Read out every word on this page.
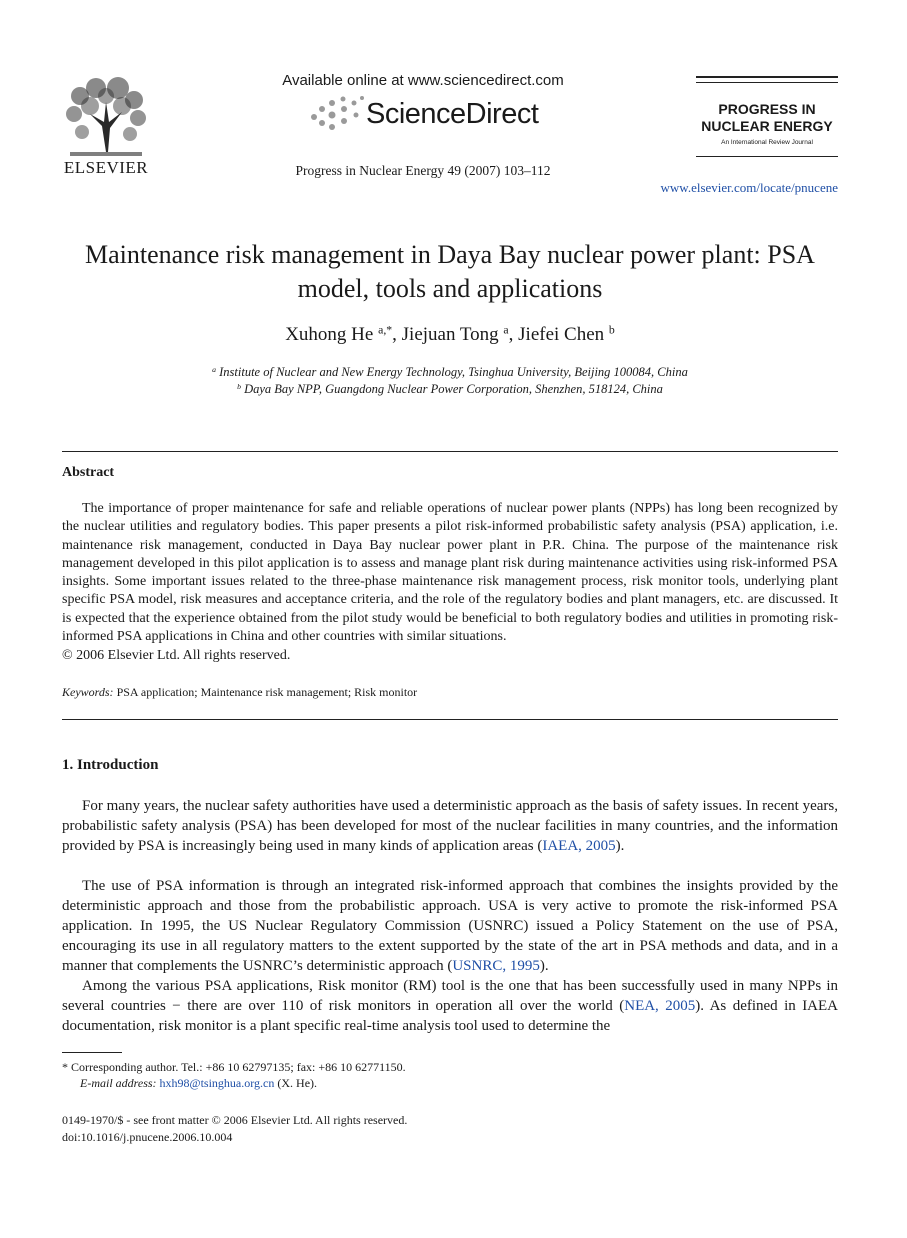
ELSEVIER
Available online at www.sciencedirect.com
ScienceDirect
Progress in Nuclear Energy 49 (2007) 103–112
PROGRESS IN NUCLEAR ENERGY
An International Review Journal
www.elsevier.com/locate/pnucene
Maintenance risk management in Daya Bay nuclear power plant: PSA model, tools and applications
Xuhong He $^{a,*}$, Jiejuan Tong $^a$, Jiefei Chen $^b$
$^a$ Institute of Nuclear and New Energy Technology, Tsinghua University, Beijing 100084, China
$^b$ Daya Bay NPP, Guangdong Nuclear Power Corporation, Shenzhen, 518124, China
Abstract
The importance of proper maintenance for safe and reliable operations of nuclear power plants (NPPs) has long been recognized by the nuclear utilities and regulatory bodies. This paper presents a pilot risk-informed probabilistic safety analysis (PSA) application, i.e. maintenance risk management, conducted in Daya Bay nuclear power plant in P.R. China. The purpose of the maintenance risk management developed in this pilot application is to assess and manage plant risk during maintenance activities using risk-informed PSA insights. Some important issues related to the three-phase maintenance risk management process, risk monitor tools, underlying plant specific PSA model, risk measures and acceptance criteria, and the role of the regulatory bodies and plant managers, etc. are discussed. It is expected that the experience obtained from the pilot study would be beneficial to both regulatory bodies and utilities in promoting risk-informed PSA applications in China and other countries with similar situations.
© 2006 Elsevier Ltd. All rights reserved.
Keywords: PSA application; Maintenance risk management; Risk monitor
1. Introduction
For many years, the nuclear safety authorities have used a deterministic approach as the basis of safety issues. In recent years, probabilistic safety analysis (PSA) has been developed for most of the nuclear facilities in many countries, and the information provided by PSA is increasingly being used in many kinds of application areas (IAEA, 2005).
The use of PSA information is through an integrated risk-informed approach that combines the insights provided by the deterministic approach and those from the probabilistic approach. USA is very active to promote the risk-informed PSA application. In 1995, the US Nuclear Regulatory Commission (USNRC) issued a Policy Statement on the use of PSA, encouraging its use in all regulatory matters to the extent supported by the state of the art in PSA methods and data, and in a manner that complements the USNRC’s deterministic approach (USNRC, 1995).
Among the various PSA applications, Risk monitor (RM) tool is the one that has been successfully used in many NPPs in several countries − there are over 110 of risk monitors in operation all over the world (NEA, 2005). As defined in IAEA documentation, risk monitor is a plant specific real-time analysis tool used to determine the
* Corresponding author. Tel.: +86 10 62797135; fax: +86 10 62771150.
E-mail address: hxh98@tsinghua.org.cn (X. He).
0149-1970/$ - see front matter © 2006 Elsevier Ltd. All rights reserved.
doi:10.1016/j.pnucene.2006.10.004
